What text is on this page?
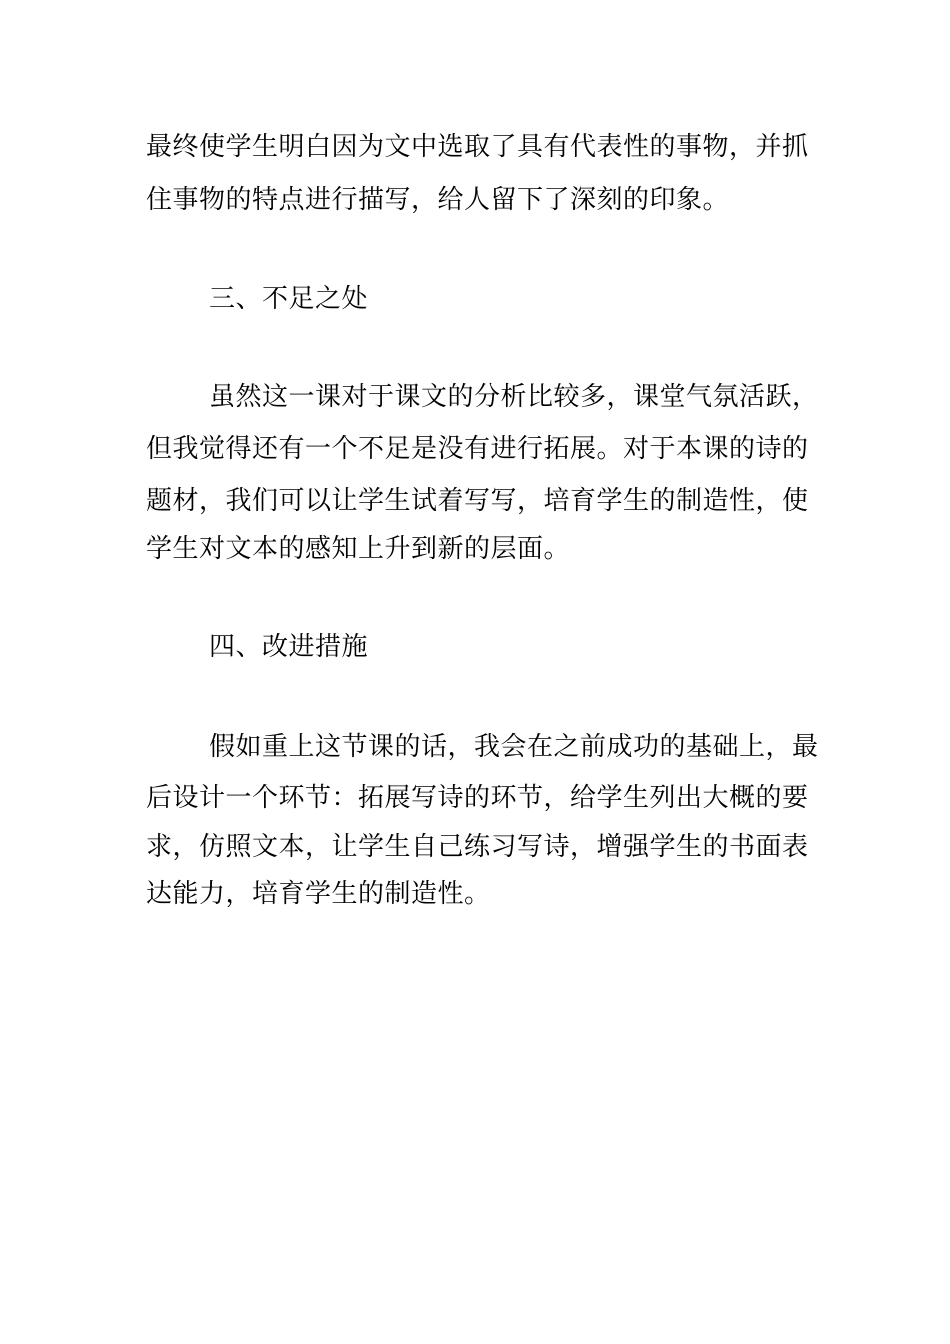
最终使学生明白因为文中选取了具有代表性的事物，并抓
住事物的特点进行描写，给人留下了深刻的印象。
三、不足之处
虽然这一课对于课文的分析比较多，课堂气氛活跃，
但我觉得还有一个不足是没有进行拓展。对于本课的诗的
题材，我们可以让学生试着写写，培育学生的制造性，使
学生对文本的感知上升到新的层面。
四、改进措施
假如重上这节课的话，我会在之前成功的基础上，最
后设计一个环节：拓展写诗的环节，给学生列出大概的要
求，仿照文本，让学生自己练习写诗，增强学生的书面表
达能力，培育学生的制造性。
